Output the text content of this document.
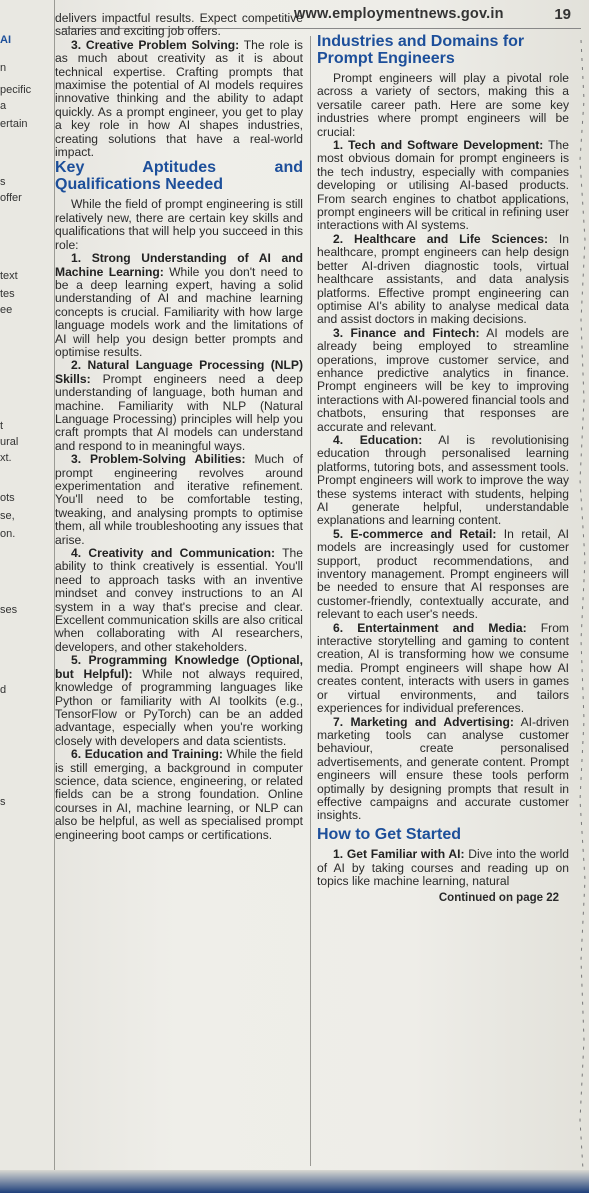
AI
n
pecific
a
ertain
s
offer
text
tes
ee
t
ural
xt.
ots
se,
on.
ses
d
s
www.employmentnews.gov.in	19

delivers impactful results. Expect competitive salaries and exciting job offers.

3. Creative Problem Solving: The role is as much about creativity as it is about technical expertise. Crafting prompts that maximise the potential of AI models requires innovative thinking and the ability to adapt quickly. As a prompt engineer, you get to play a key role in how AI shapes industries, creating solutions that have a real-world impact.

Key Aptitudes and Qualifications Needed

While the field of prompt engineering is still relatively new, there are certain key skills and qualifications that will help you succeed in this role:

1. Strong Understanding of AI and Machine Learning: While you don't need to be a deep learning expert, having a solid understanding of AI and machine learning concepts is crucial. Familiarity with how large language models work and the limitations of AI will help you design better prompts and optimise results.

2. Natural Language Processing (NLP) Skills: Prompt engineers need a deep understanding of language, both human and machine. Familiarity with NLP (Natural Language Processing) principles will help you craft prompts that AI models can understand and respond to in meaningful ways.

3. Problem-Solving Abilities: Much of prompt engineering revolves around experimentation and iterative refinement. You'll need to be comfortable testing, tweaking, and analysing prompts to optimise them, all while troubleshooting any issues that arise.

4. Creativity and Communication: The ability to think creatively is essential. You'll need to approach tasks with an inventive mindset and convey instructions to an AI system in a way that's precise and clear. Excellent communication skills are also critical when collaborating with AI researchers, developers, and other stakeholders.

5. Programming Knowledge (Optional, but Helpful): While not always required, knowledge of programming languages like Python or familiarity with AI toolkits (e.g., TensorFlow or PyTorch) can be an added advantage, especially when you're working closely with developers and data scientists.

6. Education and Training: While the field is still emerging, a background in computer science, data science, engineering, or related fields can be a strong foundation. Online courses in AI, machine learning, or NLP can also be helpful, as well as specialised prompt engineering boot camps or certifications.

Industries and Domains for Prompt Engineers

Prompt engineers will play a pivotal role across a variety of sectors, making this a versatile career path. Here are some key industries where prompt engineers will be crucial:

1. Tech and Software Development: The most obvious domain for prompt engineers is the tech industry, especially with companies developing or utilising AI-based products. From search engines to chatbot applications, prompt engineers will be critical in refining user interactions with AI systems.

2. Healthcare and Life Sciences: In healthcare, prompt engineers can help design better AI-driven diagnostic tools, virtual healthcare assistants, and data analysis platforms. Effective prompt engineering can optimise AI's ability to analyse medical data and assist doctors in making decisions.

3. Finance and Fintech: AI models are already being employed to streamline operations, improve customer service, and enhance predictive analytics in finance. Prompt engineers will be key to improving interactions with AI-powered financial tools and chatbots, ensuring that responses are accurate and relevant.

4. Education: AI is revolutionising education through personalised learning platforms, tutoring bots, and assessment tools. Prompt engineers will work to improve the way these systems interact with students, helping AI generate helpful, understandable explanations and learning content.

5. E-commerce and Retail: In retail, AI models are increasingly used for customer support, product recommendations, and inventory management. Prompt engineers will be needed to ensure that AI responses are customer-friendly, contextually accurate, and relevant to each user's needs.

6. Entertainment and Media: From interactive storytelling and gaming to content creation, AI is transforming how we consume media. Prompt engineers will shape how AI creates content, interacts with users in games or virtual environments, and tailors experiences for individual preferences.

7. Marketing and Advertising: AI-driven marketing tools can analyse customer behaviour, create personalised advertisements, and generate content. Prompt engineers will ensure these tools perform optimally by designing prompts that result in effective campaigns and accurate customer insights.

How to Get Started

1. Get Familiar with AI: Dive into the world of AI by taking courses and reading up on topics like machine learning, natural

Continued on page 22
